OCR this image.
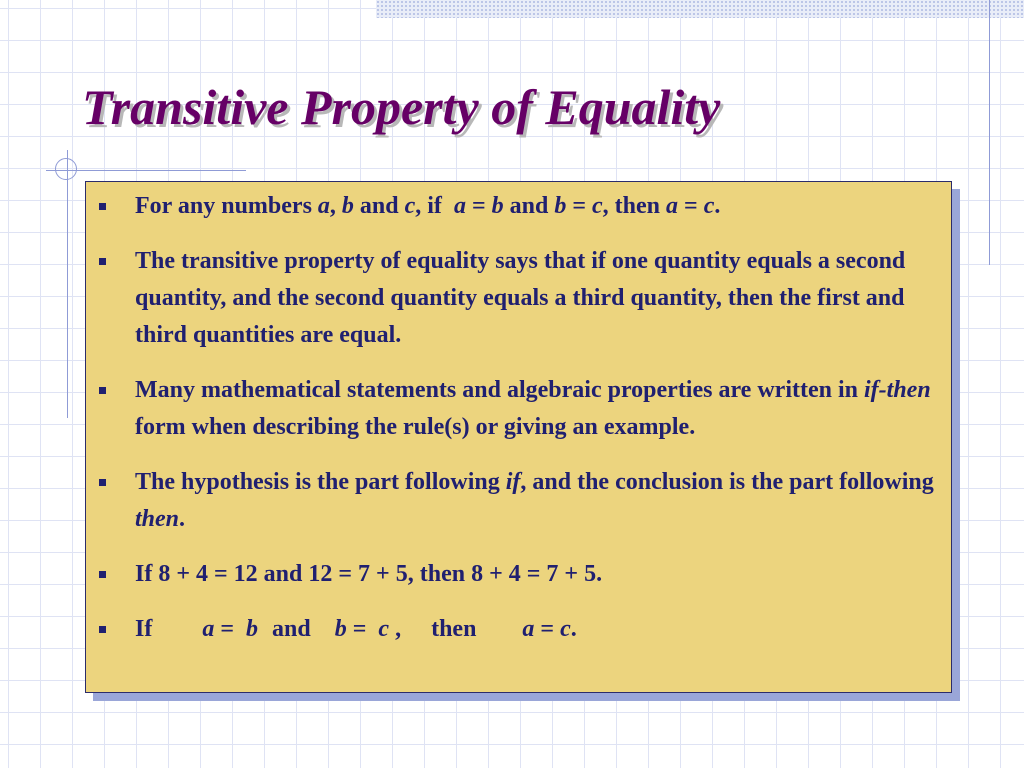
Transitive Property of Equality
For any numbers a, b and c, if  a = b and b = c, then a = c.
The transitive property of equality says that if one quantity equals a second quantity, and the second quantity equals a third quantity, then the first and third quantities are equal.
Many mathematical statements and algebraic properties are written in if-then form when describing the rule(s) or giving an example.
The hypothesis is the part following if, and the conclusion is the part following then.
If 8 + 4 = 12 and 12 = 7 + 5, then 8 + 4 = 7 + 5.
If a =  b and b =  c , then a = c.
